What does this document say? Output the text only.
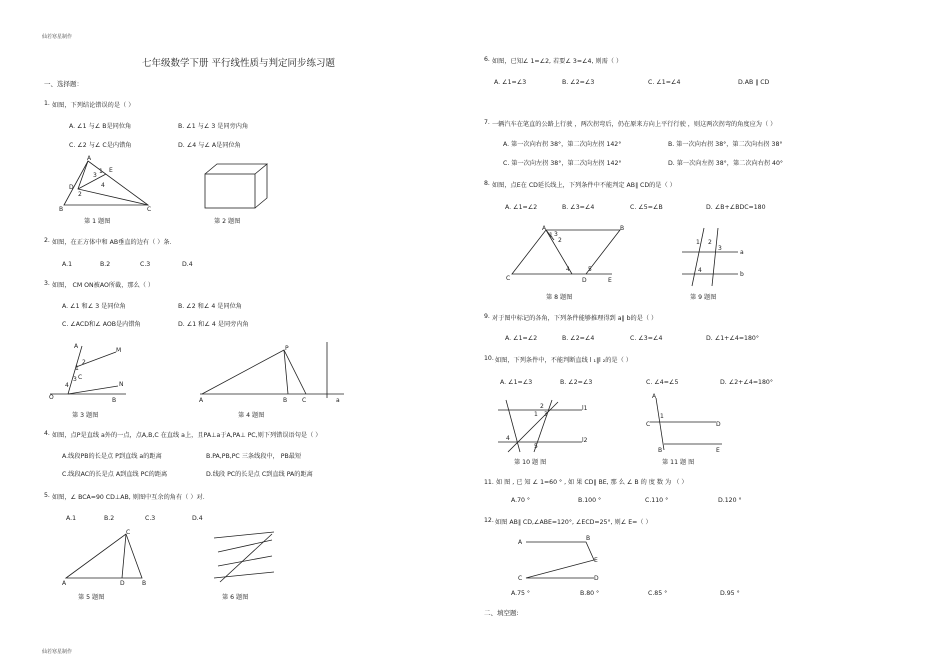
仙若寒星制作
仙若寒星制作
七年级数学下册 平行线性质与判定同步练习题
一、选择题：
1. 如图，下列结论错误的是（ ）
A. ∠1 与∠ B是同位角	B. ∠1 与∠ 3 是同旁内角
C. ∠2 与∠ C是内错角	D. ∠4 与∠ A是同位角
A
3
1 E
D
2
4
B	C
第 1 题图	第 2 题图
2. 如图，在正方体中和 AB垂直的边有（ ）条．
A.1	B.2	C.3	D.4
3. 如图， CM ON被AO所截，那么（ ）
A. ∠1 和∠ 3 是同位角	B. ∠2 和∠ 4 是同位角
C. ∠ACD和∠ AOB是内错角	D. ∠1 和∠ 4 是同旁内角
A
M
2
1
3
4	N
O	B
C
P
A	B C	a
第 3 题图	第 4 题图
4. 如图，点P是直线 a外的一点，点A,B,C 在直线 a上，且PA⊥a于A,PA⊥ PC,则下列错误语句是（ ）
A.线段PB的长是点 P到直线 a的距离	B.PA,PB,PC 三条线段中， PB最短
C.线段AC的长是点 A到直线 PC的距离	D.线段 PC的长是点 C到直线 PA的距离
5. 如图，∠ BCA=90 CD⊥AB, 则图中互余的角有（ ）对．
A.1	B.2	C.3	D.4
C
A	D	B
第 5 题图	第 6 题图
6. 如图，已知∠ 1=∠2, 若要∠ 3=∠4, 则需（ ）
A. ∠1=∠3	B. ∠2=∠3	C. ∠1=∠4	D.AB ∥ CD
7. 一辆汽车在笔直的公路上行驶 ，两次拐弯后，仍在原来方向上平行行驶 ，则这两次拐弯的角度应为（ ）
A. 第一次向右拐 38°，第二次向左拐 142°	B. 第一次向右拐 38°，第二次向右拐 38°
C. 第一次向左拐 38°，第二次向左拐 142°	D. 第一次向左拐 38°，第二次向右拐 40°
8. 如图，点E在 CD延长线上，下列条件中不能判定 AB∥ CD的是（ ）
A. ∠1=∠2	B. ∠3=∠4	C. ∠5=∠B	D. ∠B+∠BDC=180
A	B
1
2
3
4	5
C	D	E
1 2
3
4
a
b
第 8 题图	第 9 题图
9. 对于图中标记的各角，下列条件能够推理得到 a∥ b的是（ ）
A. ∠1=∠2	B. ∠2=∠4	C. ∠3=∠4	D. ∠1+∠4=180°
10. 如图，下列条件中，不能判断直线 l ₁∥l ₂的是（ ）
A. ∠1=∠3	B. ∠2=∠3	C. ∠4=∠5	D. ∠2+∠4=180°
1
2
3
4
5
l1
l2
A
1
C	D
B	E
第 10 题 图	第 11 题 图
11. 如 图 , 已 知 ∠ 1=60 ° , 如 果 CD∥ BE, 那 么 ∠ B 的 度 数 为 （ ）
A.70 °	B.100 °	C.110 °	D.120 °
12. 如图 AB∥ CD,∠ABE=120°, ∠ECD=25°, 则∠ E=（ ）
A
B
E
C	D
A.75 °	B.80 °	C.85 °	D.95 °
二、填空题:
